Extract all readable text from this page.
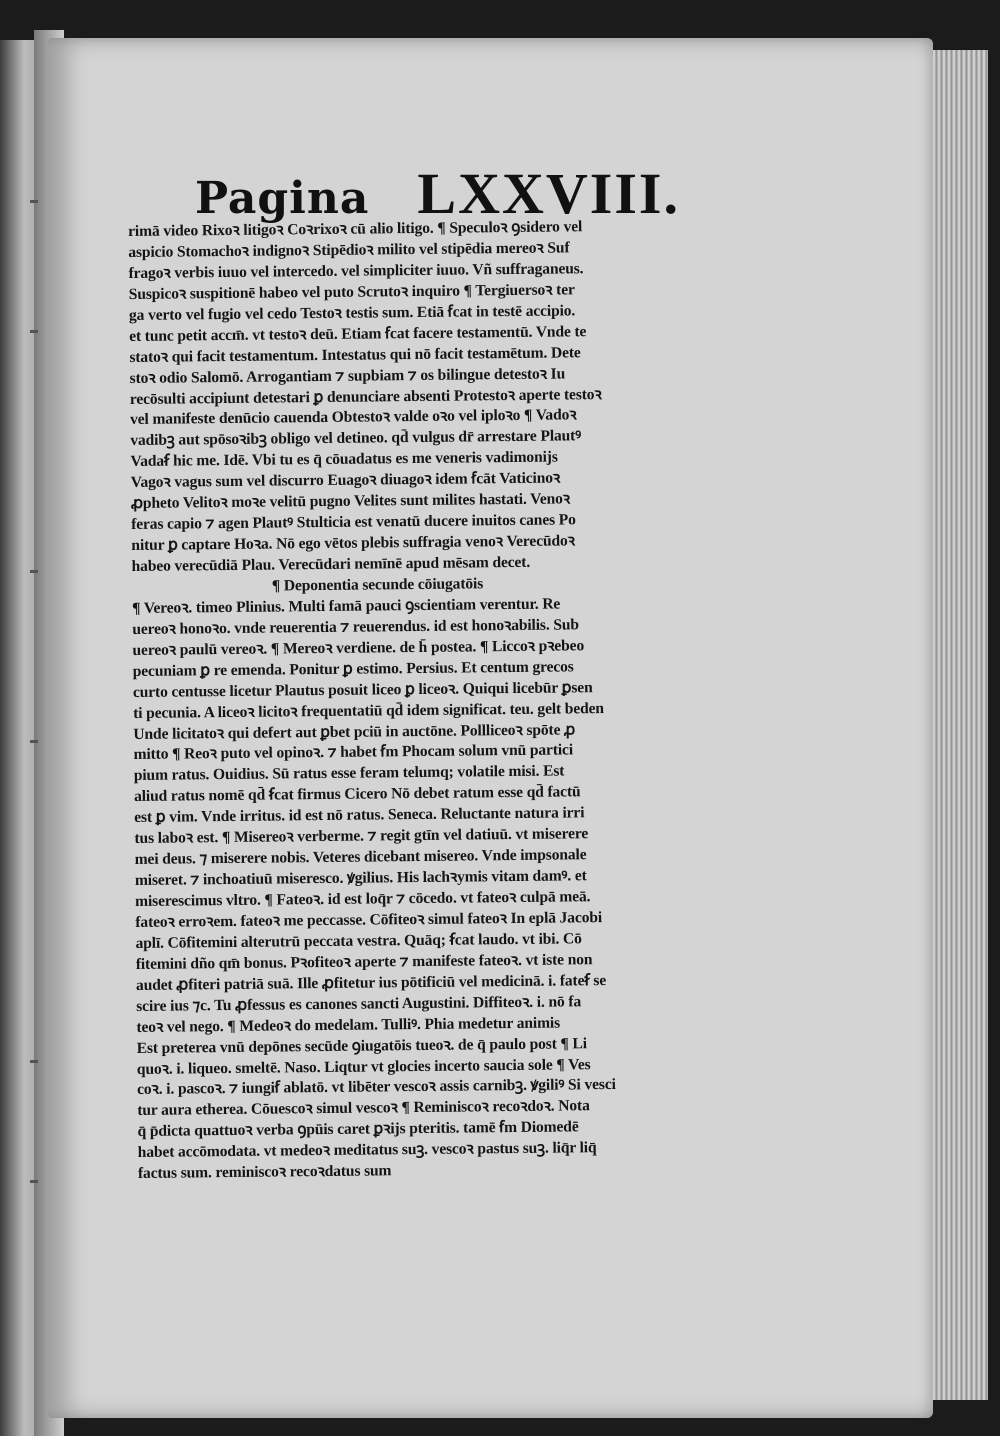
Pagina LXXVIII.
rimā video Rixoꝛ litigoꝛ Coꝛrixoꝛ cū alio litigo. ¶ Speculoꝛ ꝯsidero vel
aspicio Stomachoꝛ indignoꝛ Stipēdioꝛ milito vel stipēdia mereoꝛ Suf
fragoꝛ verbis iuuo vel intercedo. vel simpliciter iuuo. Vñ suffraganeus.
Suspicoꝛ suspitionē habeo vel puto Scrutoꝛ inquiro ¶ Tergiuersoꝛ ter
ga verto vel fugio vel cedo Testoꝛ testis sum. Etiā ẜcat in testē accipio.
et tunc petit accm̄. vt testoꝛ deū. Etiam ẜcat facere testamentū. Vnde te
statoꝛ qui facit testamentum. Intestatus qui nō facit testamētum. Dete
stoꝛ odio Salomō. Arrogantiam ⁊ supbiam ⁊ os bilingue detestoꝛ Iu
recōsulti accipiunt detestari ꝑ denunciare absenti Protestoꝛ aperte testoꝛ
vel manifeste denūcio cauenda Obtestoꝛ valde oꝛo vel iploꝛo ¶ Vadoꝛ
vadibꝫ aut spōsoꝛibꝫ obligo vel detineo. qd̄ vulgus dr̄ arrestare Plautꝰ
Vadaẜ hic me. Idē. Vbi tu es q̄ cōuadatus es me veneris vadimonijs
Vagoꝛ vagus sum vel discurro Euagoꝛ diuagoꝛ idem ẜcāt Vaticinoꝛ
ꝓpheto Velitoꝛ moꝛe velitū pugno Velites sunt milites hastati. Venoꝛ
feras capio ⁊ agen Plautꝰ Stulticia est venatū ducere inuitos canes Po
nitur ꝑ captare Hoꝛa. Nō ego vētos plebis suffragia venoꝛ Verecūdoꝛ
habeo verecūdiā Plau. Verecūdari nemīnē apud mēsam decet.
¶ Deponentia secunde cōiugatōis
¶ Vereoꝛ. timeo Plinius. Multi famā pauci ꝯscientiam verentur. Re
uereoꝛ honoꝛo. vnde reuerentia ⁊ reuerendus. id est honoꝛabilis. Sub
uereoꝛ paulū vereoꝛ. ¶ Mereoꝛ verdiene. de h̄ postea. ¶ Liccoꝛ pꝛebeo
pecuniam ꝑ re emenda. Ponitur ꝑ estimo. Persius. Et centum grecos
curto centusse licetur Plautus posuit liceo ꝑ liceoꝛ. Quiqui licebūr ꝑsen
ti pecunia. A liceoꝛ licitoꝛ frequentatiū qd̄ idem significat. teu. gelt beden
Unde licitatoꝛ qui defert aut ꝑbet pciū in auctōne. Pollliceoꝛ spōte ꝓ
mitto ¶ Reoꝛ puto vel opinoꝛ. ⁊ habet ẜm Phocam solum vnū partici
pium ratus. Ouidius. Sū ratus esse feram telumq; volatile misi. Est
aliud ratus nomē qd̄ ẜcat firmus Cicero Nō debet ratum esse qd̄ factū
est ꝑ vim. Vnde irritus. id est nō ratus. Seneca. Reluctante natura irri
tus laboꝛ est. ¶ Misereoꝛ verberme. ⁊ regit gtīn vel datiuū. vt miserere
mei deus. ⁊ miserere nobis. Veteres dicebant misereo. Vnde impsonale
miseret. ⁊ inchoatiuū miseresco. ꝟgilius. His lachꝛymis vitam damꝰ. et
miserescimus vltro. ¶ Fateoꝛ. id est loq̄r ⁊ cōcedo. vt fateoꝛ culpā meā.
fateoꝛ erroꝛem. fateoꝛ me peccasse. Cōfiteoꝛ simul fateoꝛ In eplā Jacobi
aplī. Cōfitemini alterutrū peccata vestra. Quāq; ẜcat laudo. vt ibi. Cō
fitemini dño qm̄ bonus. Pꝛofiteoꝛ aperte ⁊ manifeste fateoꝛ. vt iste non
audet ꝓfiteri patriā suā. Ille ꝓfitetur ius pōtificiū vel medicinā. i. fateẜ se
scire ius ⁊c. Tu ꝓfessus es canones sancti Augustini. Diffiteoꝛ. i. nō fa
teoꝛ vel nego. ¶ Medeoꝛ do medelam. Tulliꝰ. Phia medetur animis
Est preterea vnū depōnes secūde ꝯiugatōis tueoꝛ. de q̄ paulo post ¶ Li
quoꝛ. i. liqueo. smeltē. Naso. Liqtur vt glocies incerto saucia sole ¶ Ves
coꝛ. i. pascoꝛ. ⁊ iungiẜ ablatō. vt libēter vescoꝛ assis carnibꝫ. ꝟgiliꝰ Si vesci
tur aura etherea. Cōuescoꝛ simul vescoꝛ ¶ Reminiscoꝛ recoꝛdoꝛ. Nota
q̄ p̄dicta quattuoꝛ verba ꝯpūis caret ꝑꝛijs pteritis. tamē ẜm Diomedē
habet accōmodata. vt medeoꝛ meditatus suꝫ. vescoꝛ pastus suꝫ. liq̄r liq̄
factus sum. reminiscoꝛ recoꝛdatus sum
